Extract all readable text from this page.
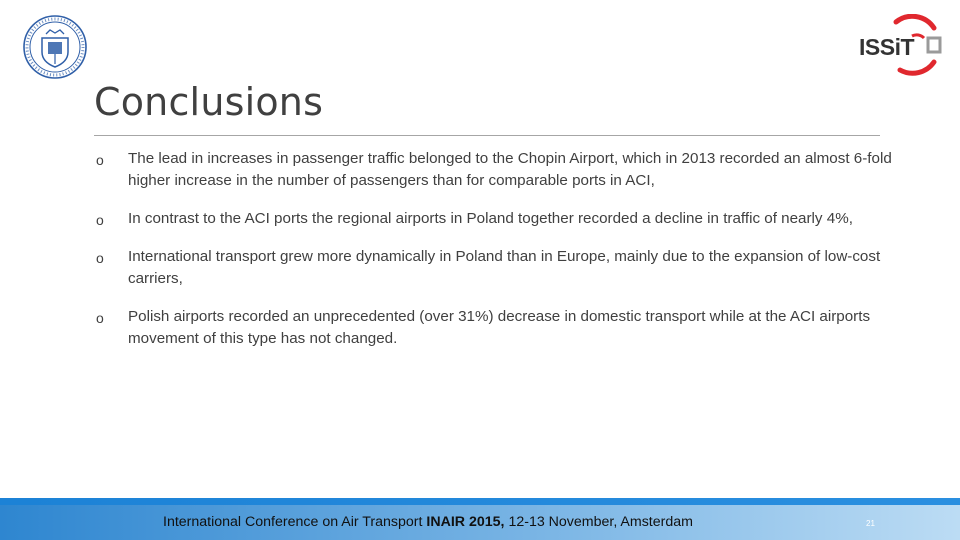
ISSiT
Conclusions
o The lead in increases in passenger traffic belonged to the Chopin Airport, which in 2013 recorded an almost 6-fold higher increase in the number of passengers than for comparable ports in ACI,
o In contrast to the ACI ports the regional airports in Poland together recorded a decline in traffic of nearly 4%,
o International transport grew more dynamically in Poland than in Europe, mainly due to the expansion of low-cost carriers,
o Polish airports recorded an unprecedented (over 31%) decrease in domestic transport while at the ACI airports movement of this type has not changed.
International Conference on Air Transport INAIR 2015, 12-13 November, Amsterdam	21
